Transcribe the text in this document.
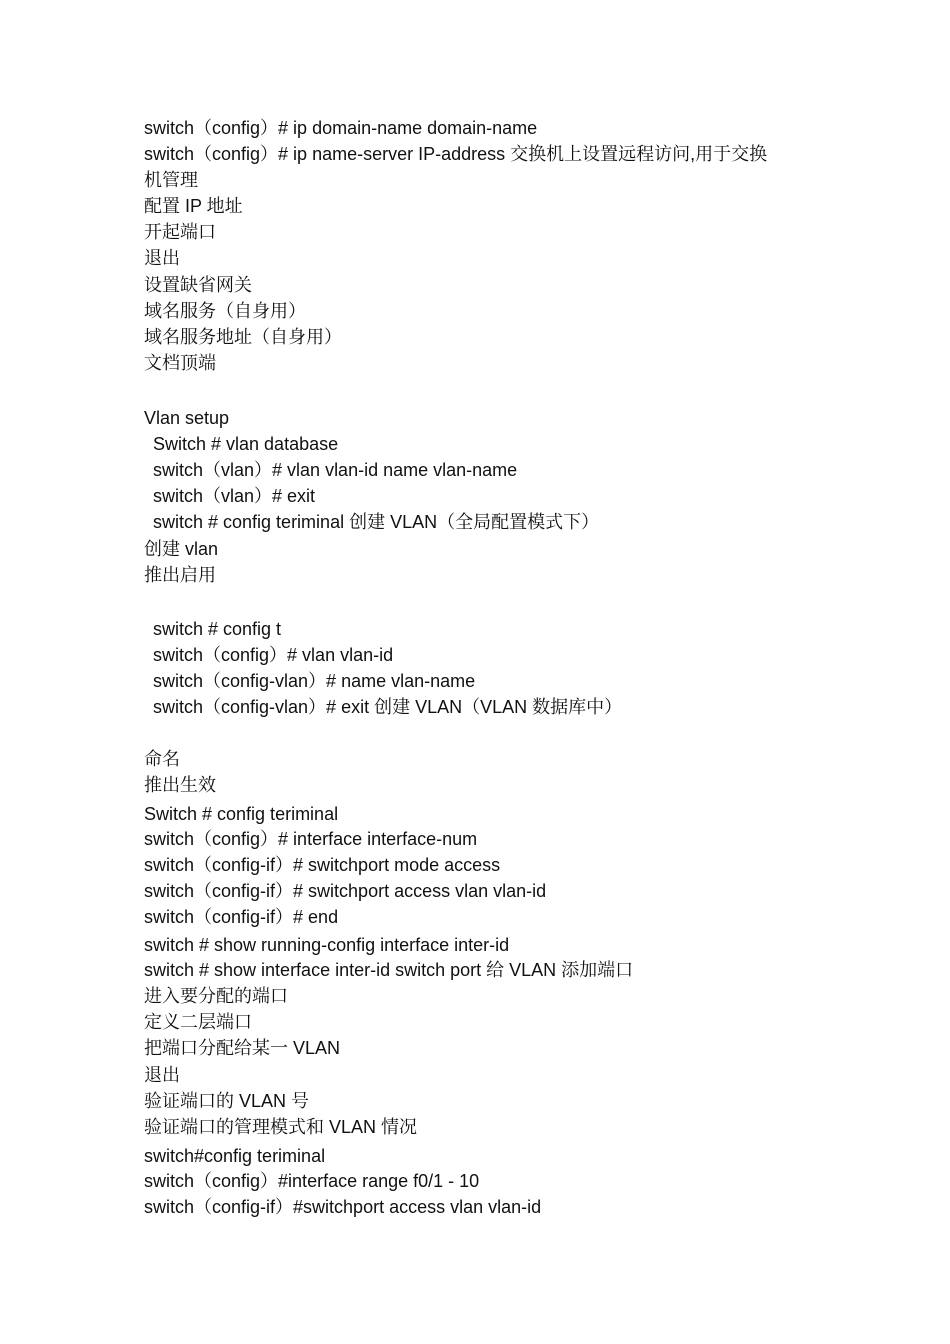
switch（config）# ip domain-name domain-name
switch（config）# ip name-server IP-address 交换机上设置远程访问,用于交换
机管理
配置 IP 地址
开起端口
退出
设置缺省网关
域名服务（自身用）
域名服务地址（自身用）
文档顶端
Vlan setup
Switch # vlan database
switch（vlan）# vlan vlan-id name vlan-name
switch（vlan）# exit
switch # config teriminal 创建 VLAN（全局配置模式下）
创建 vlan
推出启用
switch # config t
switch（config）# vlan vlan-id
switch（config-vlan）# name vlan-name
switch（config-vlan）# exit 创建 VLAN（VLAN 数据库中）
命名
推出生效
Switch # config teriminal
switch（config）# interface interface-num
switch（config-if）# switchport mode access
switch（config-if）# switchport access vlan vlan-id
switch（config-if）# end
switch # show running-config interface inter-id
switch # show interface inter-id switch port 给 VLAN 添加端口
进入要分配的端口
定义二层端口
把端口分配给某一 VLAN
退出
验证端口的 VLAN 号
验证端口的管理模式和 VLAN 情况
switch#config teriminal
switch（config）#interface range f0/1 - 10
switch（config-if）#switchport access vlan vlan-id
